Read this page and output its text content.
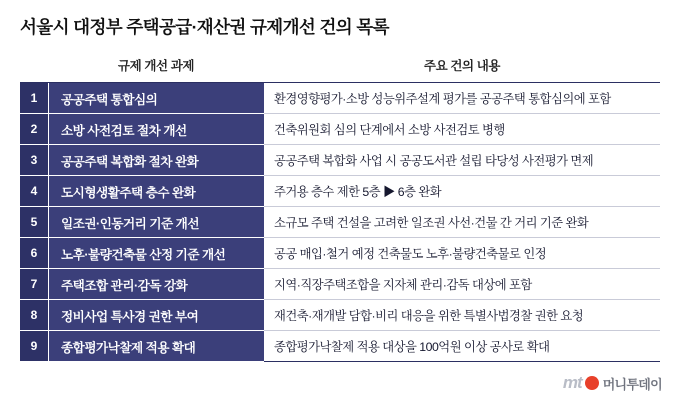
서울시 대정부 주택공급·재산권 규제개선 건의 목록
규제 개선 과제	주요 건의 내용
1	공공주택 통합심의	환경영향평가·소방 성능위주설계 평가를 공공주택 통합심의에 포함
2	소방 사전검토 절차 개선	건축위원회 심의 단계에서 소방 사전검토 병행
3	공공주택 복합화 절차 완화	공공주택 복합화 사업 시 공공도서관 설립 타당성 사전평가 면제
4	도시형생활주택 층수 완화	주거용 층수 제한 5층 ▶ 6층 완화
5	일조권·인동거리 기준 개선	소규모 주택 건설을 고려한 일조권 사선·건물 간 거리 기준 완화
6	노후·불량건축물 산정 기준 개선	공공 매입·철거 예정 건축물도 노후·불량건축물로 인정
7	주택조합 관리·감독 강화	지역·직장주택조합을 지자체 관리·감독 대상에 포함
8	정비사업 특사경 권한 부여	재건축·재개발 담합·비리 대응을 위한 특별사법경찰 권한 요청
9	종합평가낙찰제 적용 확대	종합평가낙찰제 적용 대상을 100억원 이상 공사로 확대
mt 머니투데이
